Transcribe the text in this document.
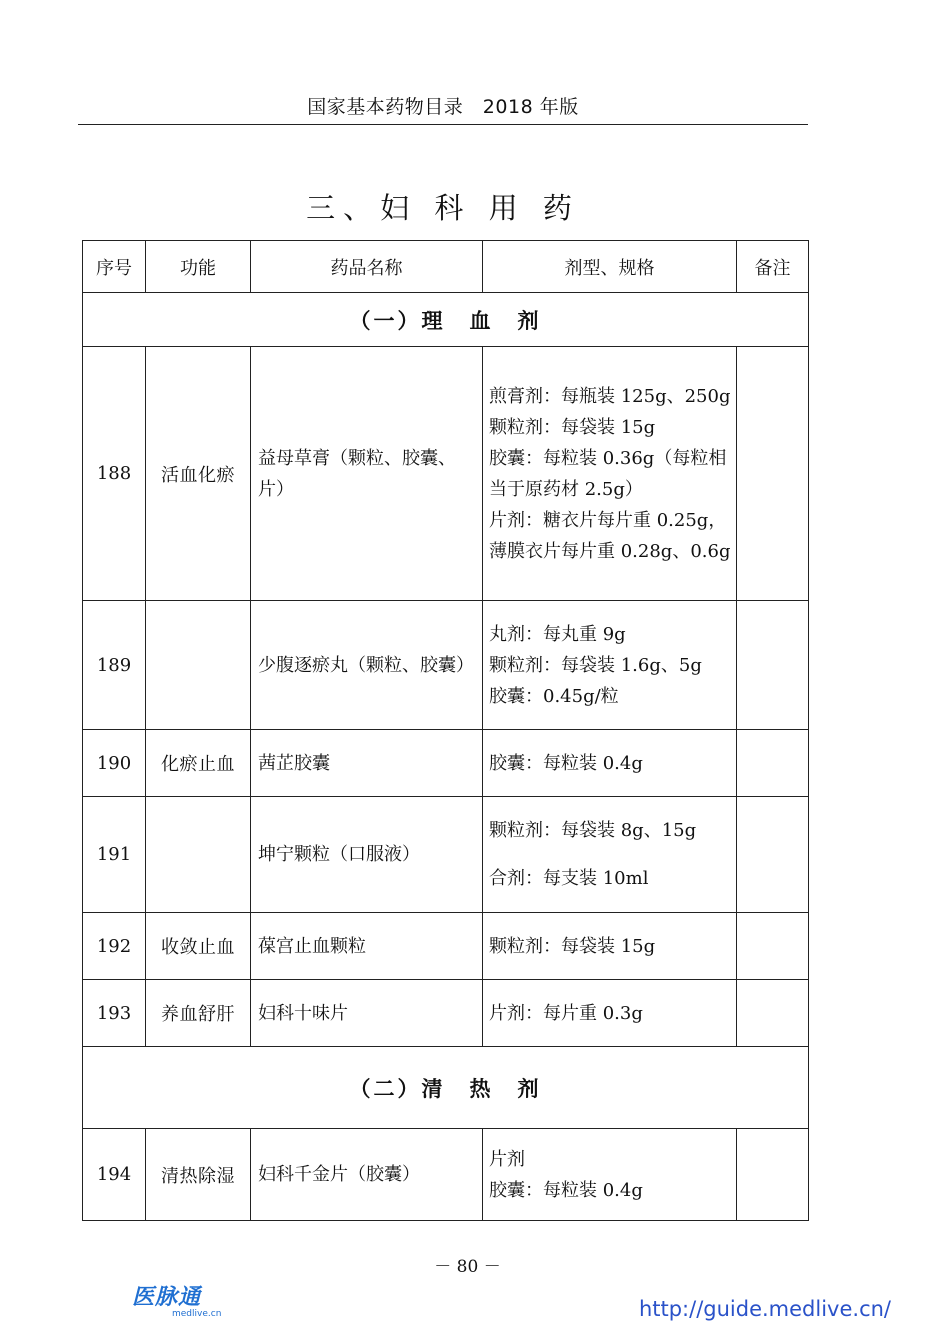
国家基本药物目录　2018 年版
三、妇 科 用 药
序号	功能	药品名称	剂型、规格	备注
（一）理　血　剂				
188	活血化瘀	益母草膏（颗粒、胶囊、片）	煎膏剂：每瓶装 125g、250g
颗粒剂：每袋装 15g
胶囊：每粒装 0.36g（每粒相当于原药材 2.5g）
片剂：糖衣片每片重 0.25g，薄膜衣片每片重 0.28g、0.6g	

189		少腹逐瘀丸（颗粒、胶囊）	丸剂：每丸重 9g
颗粒剂：每袋装 1.6g、5g
胶囊：0.45g/粒	

190	化瘀止血	茜芷胶囊	胶囊：每粒装 0.4g	

191		坤宁颗粒（口服液）	颗粒剂：每袋装 8g、15g
合剂：每支装 10ml	

192	收敛止血	葆宫止血颗粒	颗粒剂：每袋装 15g	

193	养血舒肝	妇科十味片	片剂：每片重 0.3g	

（二）清　热　剂				
194	清热除湿	妇科千金片（胶囊）	片剂
胶囊：每粒装 0.4g	

－ 80 －
医脉通
medlive.cn	http://guide.medlive.cn/
